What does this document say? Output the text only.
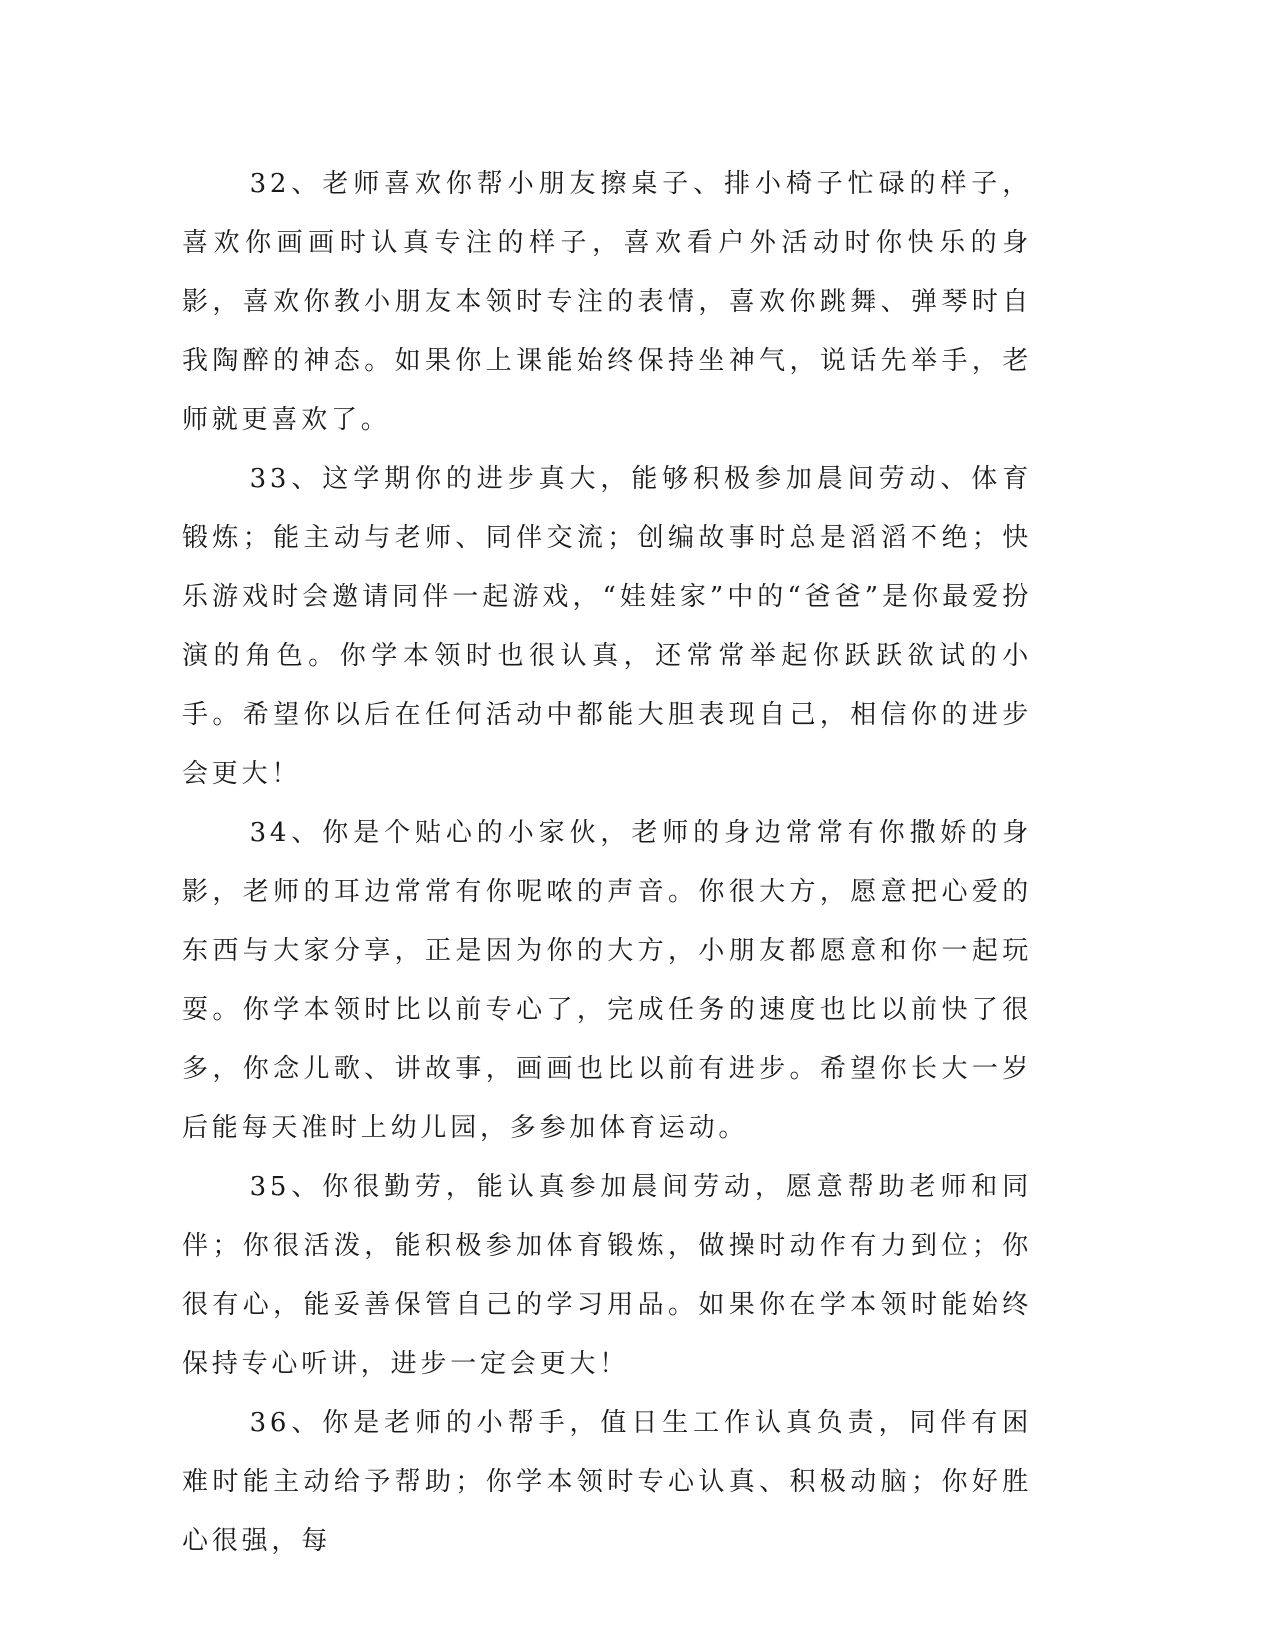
32、老师喜欢你帮小朋友擦桌子、排小椅子忙碌的样子，喜欢你画画时认真专注的样子，喜欢看户外活动时你快乐的身影，喜欢你教小朋友本领时专注的表情，喜欢你跳舞、弹琴时自我陶醉的神态。如果你上课能始终保持坐神气，说话先举手，老师就更喜欢了。

33、这学期你的进步真大，能够积极参加晨间劳动、体育锻炼；能主动与老师、同伴交流；创编故事时总是滔滔不绝；快乐游戏时会邀请同伴一起游戏，“娃娃家”中的“爸爸”是你最爱扮演的角色。你学本领时也很认真，还常常举起你跃跃欲试的小手。希望你以后在任何活动中都能大胆表现自己，相信你的进步会更大！

34、你是个贴心的小家伙，老师的身边常常有你撒娇的身影，老师的耳边常常有你呢哝的声音。你很大方，愿意把心爱的东西与大家分享，正是因为你的大方，小朋友都愿意和你一起玩耍。你学本领时比以前专心了，完成任务的速度也比以前快了很多，你念儿歌、讲故事，画画也比以前有进步。希望你长大一岁后能每天准时上幼儿园，多参加体育运动。

35、你很勤劳，能认真参加晨间劳动，愿意帮助老师和同伴；你很活泼，能积极参加体育锻炼，做操时动作有力到位；你很有心，能妥善保管自己的学习用品。如果你在学本领时能始终保持专心听讲，进步一定会更大！

36、你是老师的小帮手，值日生工作认真负责，同伴有困难时能主动给予帮助；你学本领时专心认真、积极动脑；你好胜心很强，每
